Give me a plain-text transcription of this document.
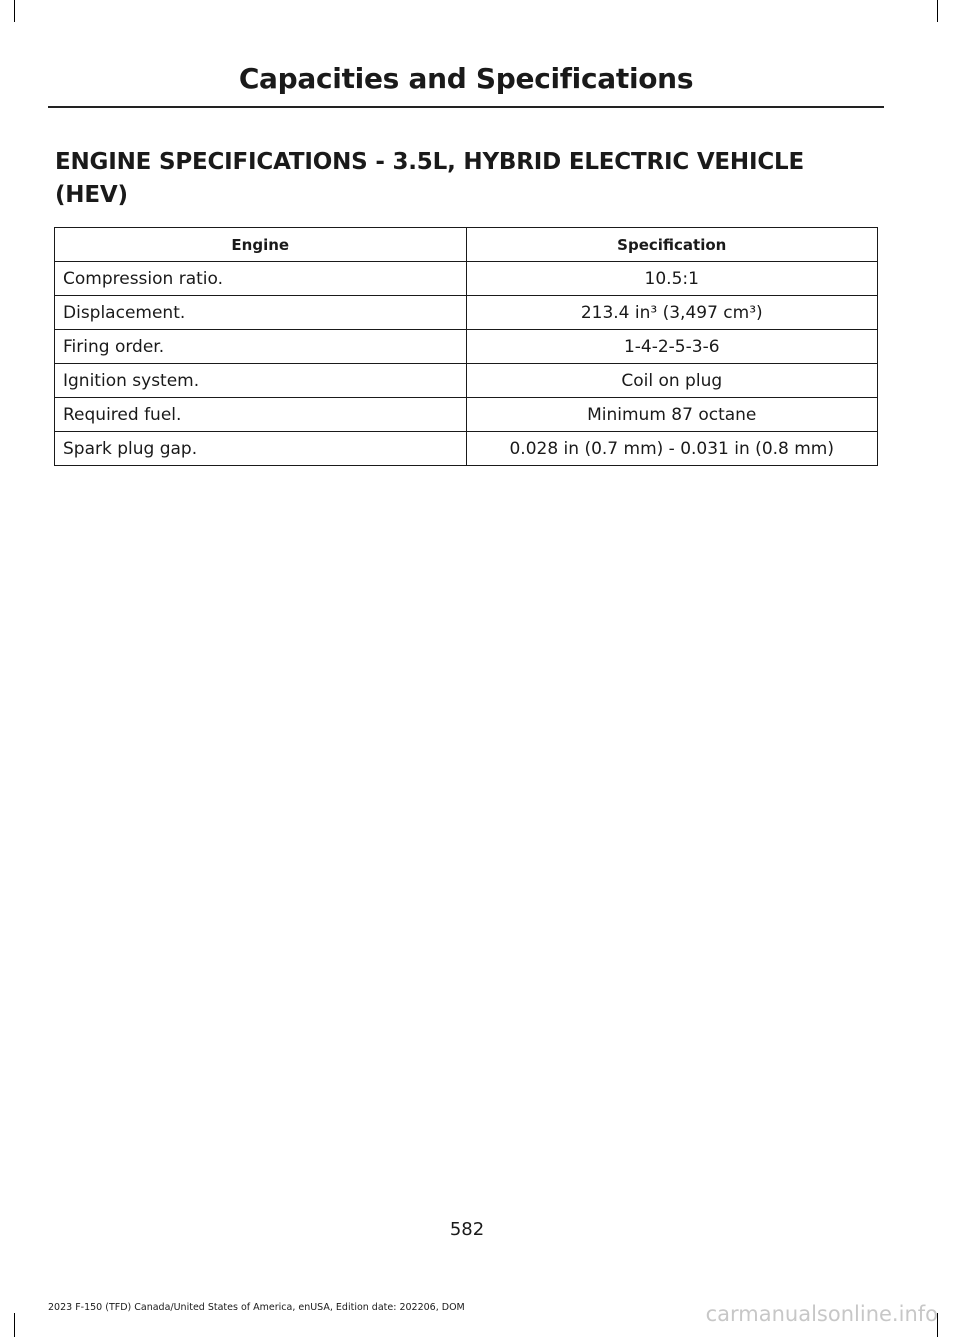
Capacities and Specifications
ENGINE SPECIFICATIONS - 3.5L, HYBRID ELECTRIC VEHICLE
(HEV)
Engine	Specification
Compression ratio.	10.5:1
Displacement.	213.4 in³ (3,497 cm³)
Firing order.	1-4-2-5-3-6
Ignition system.	Coil on plug
Required fuel.	Minimum 87 octane
Spark plug gap.	0.028 in (0.7 mm) - 0.031 in (0.8 mm)
582
2023 F-150 (TFD) Canada/United States of America, enUSA, Edition date: 202206, DOM	carmanualsonline.info
